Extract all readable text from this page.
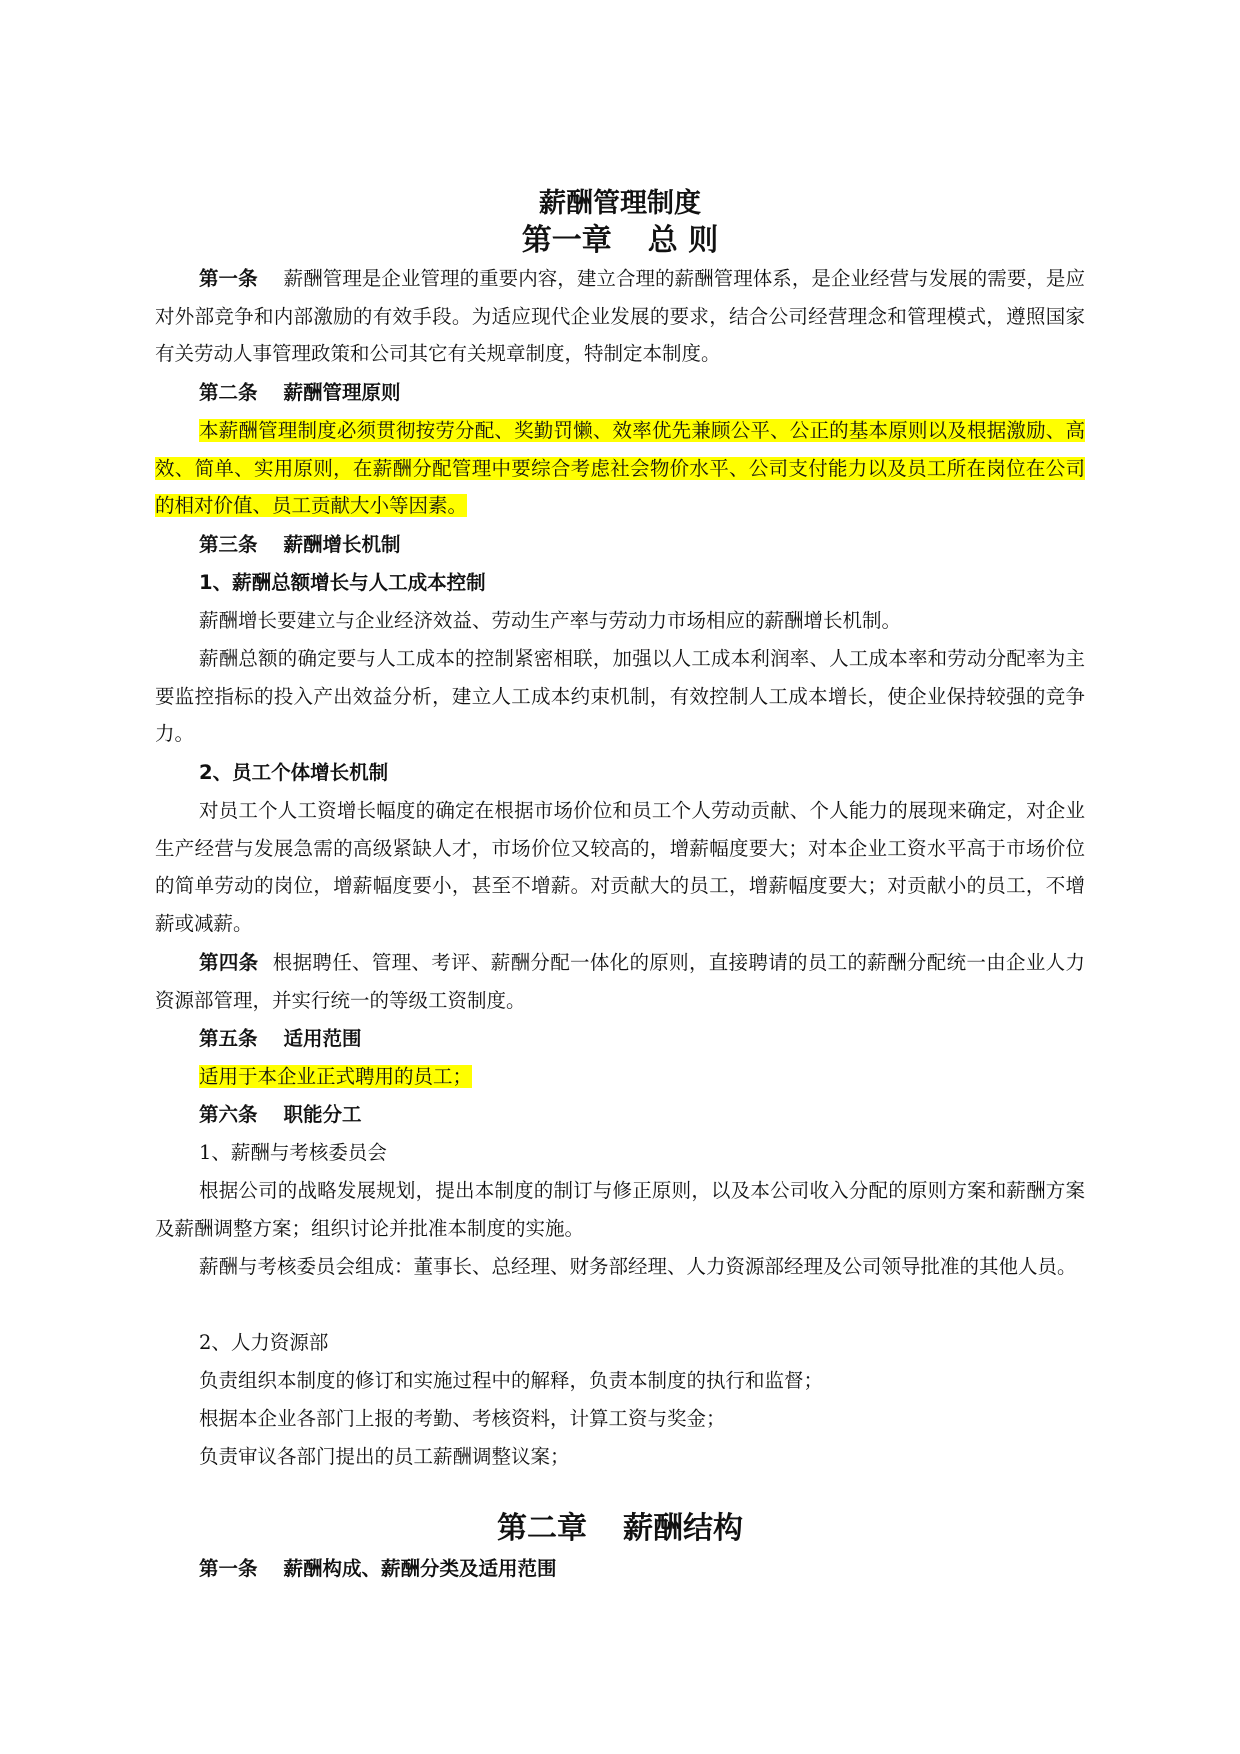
薪酬管理制度
第一章 总 则
第一条 薪酬管理是企业管理的重要内容，建立合理的薪酬管理体系，是企业经营与发展的需要，是应对外部竞争和内部激励的有效手段。为适应现代企业发展的要求，结合公司经营理念和管理模式，遵照国家有关劳动人事管理政策和公司其它有关规章制度，特制定本制度。
第二条 薪酬管理原则
本薪酬管理制度必须贯彻按劳分配、奖勤罚懒、效率优先兼顾公平、公正的基本原则以及根据激励、高效、简单、实用原则，在薪酬分配管理中要综合考虑社会物价水平、公司支付能力以及员工所在岗位在公司的相对价值、员工贡献大小等因素。
第三条 薪酬增长机制
1、薪酬总额增长与人工成本控制
薪酬增长要建立与企业经济效益、劳动生产率与劳动力市场相应的薪酬增长机制。
薪酬总额的确定要与人工成本的控制紧密相联，加强以人工成本利润率、人工成本率和劳动分配率为主要监控指标的投入产出效益分析，建立人工成本约束机制，有效控制人工成本增长，使企业保持较强的竞争力。
2、员工个体增长机制
对员工个人工资增长幅度的确定在根据市场价位和员工个人劳动贡献、个人能力的展现来确定，对企业生产经营与发展急需的高级紧缺人才，市场价位又较高的，增薪幅度要大；对本企业工资水平高于市场价位的简单劳动的岗位，增薪幅度要小，甚至不增薪。对贡献大的员工，增薪幅度要大；对贡献小的员工，不增薪或减薪。
第四条 根据聘任、管理、考评、薪酬分配一体化的原则，直接聘请的员工的薪酬分配统一由企业人力资源部管理，并实行统一的等级工资制度。
第五条 适用范围
适用于本企业正式聘用的员工；
第六条 职能分工
1、薪酬与考核委员会
根据公司的战略发展规划，提出本制度的制订与修正原则，以及本公司收入分配的原则方案和薪酬方案及薪酬调整方案；组织讨论并批准本制度的实施。
薪酬与考核委员会组成：董事长、总经理、财务部经理、人力资源部经理及公司领导批准的其他人员。
2、人力资源部
负责组织本制度的修订和实施过程中的解释，负责本制度的执行和监督；
根据本企业各部门上报的考勤、考核资料，计算工资与奖金；
负责审议各部门提出的员工薪酬调整议案；
第二章 薪酬结构
第一条 薪酬构成、薪酬分类及适用范围
